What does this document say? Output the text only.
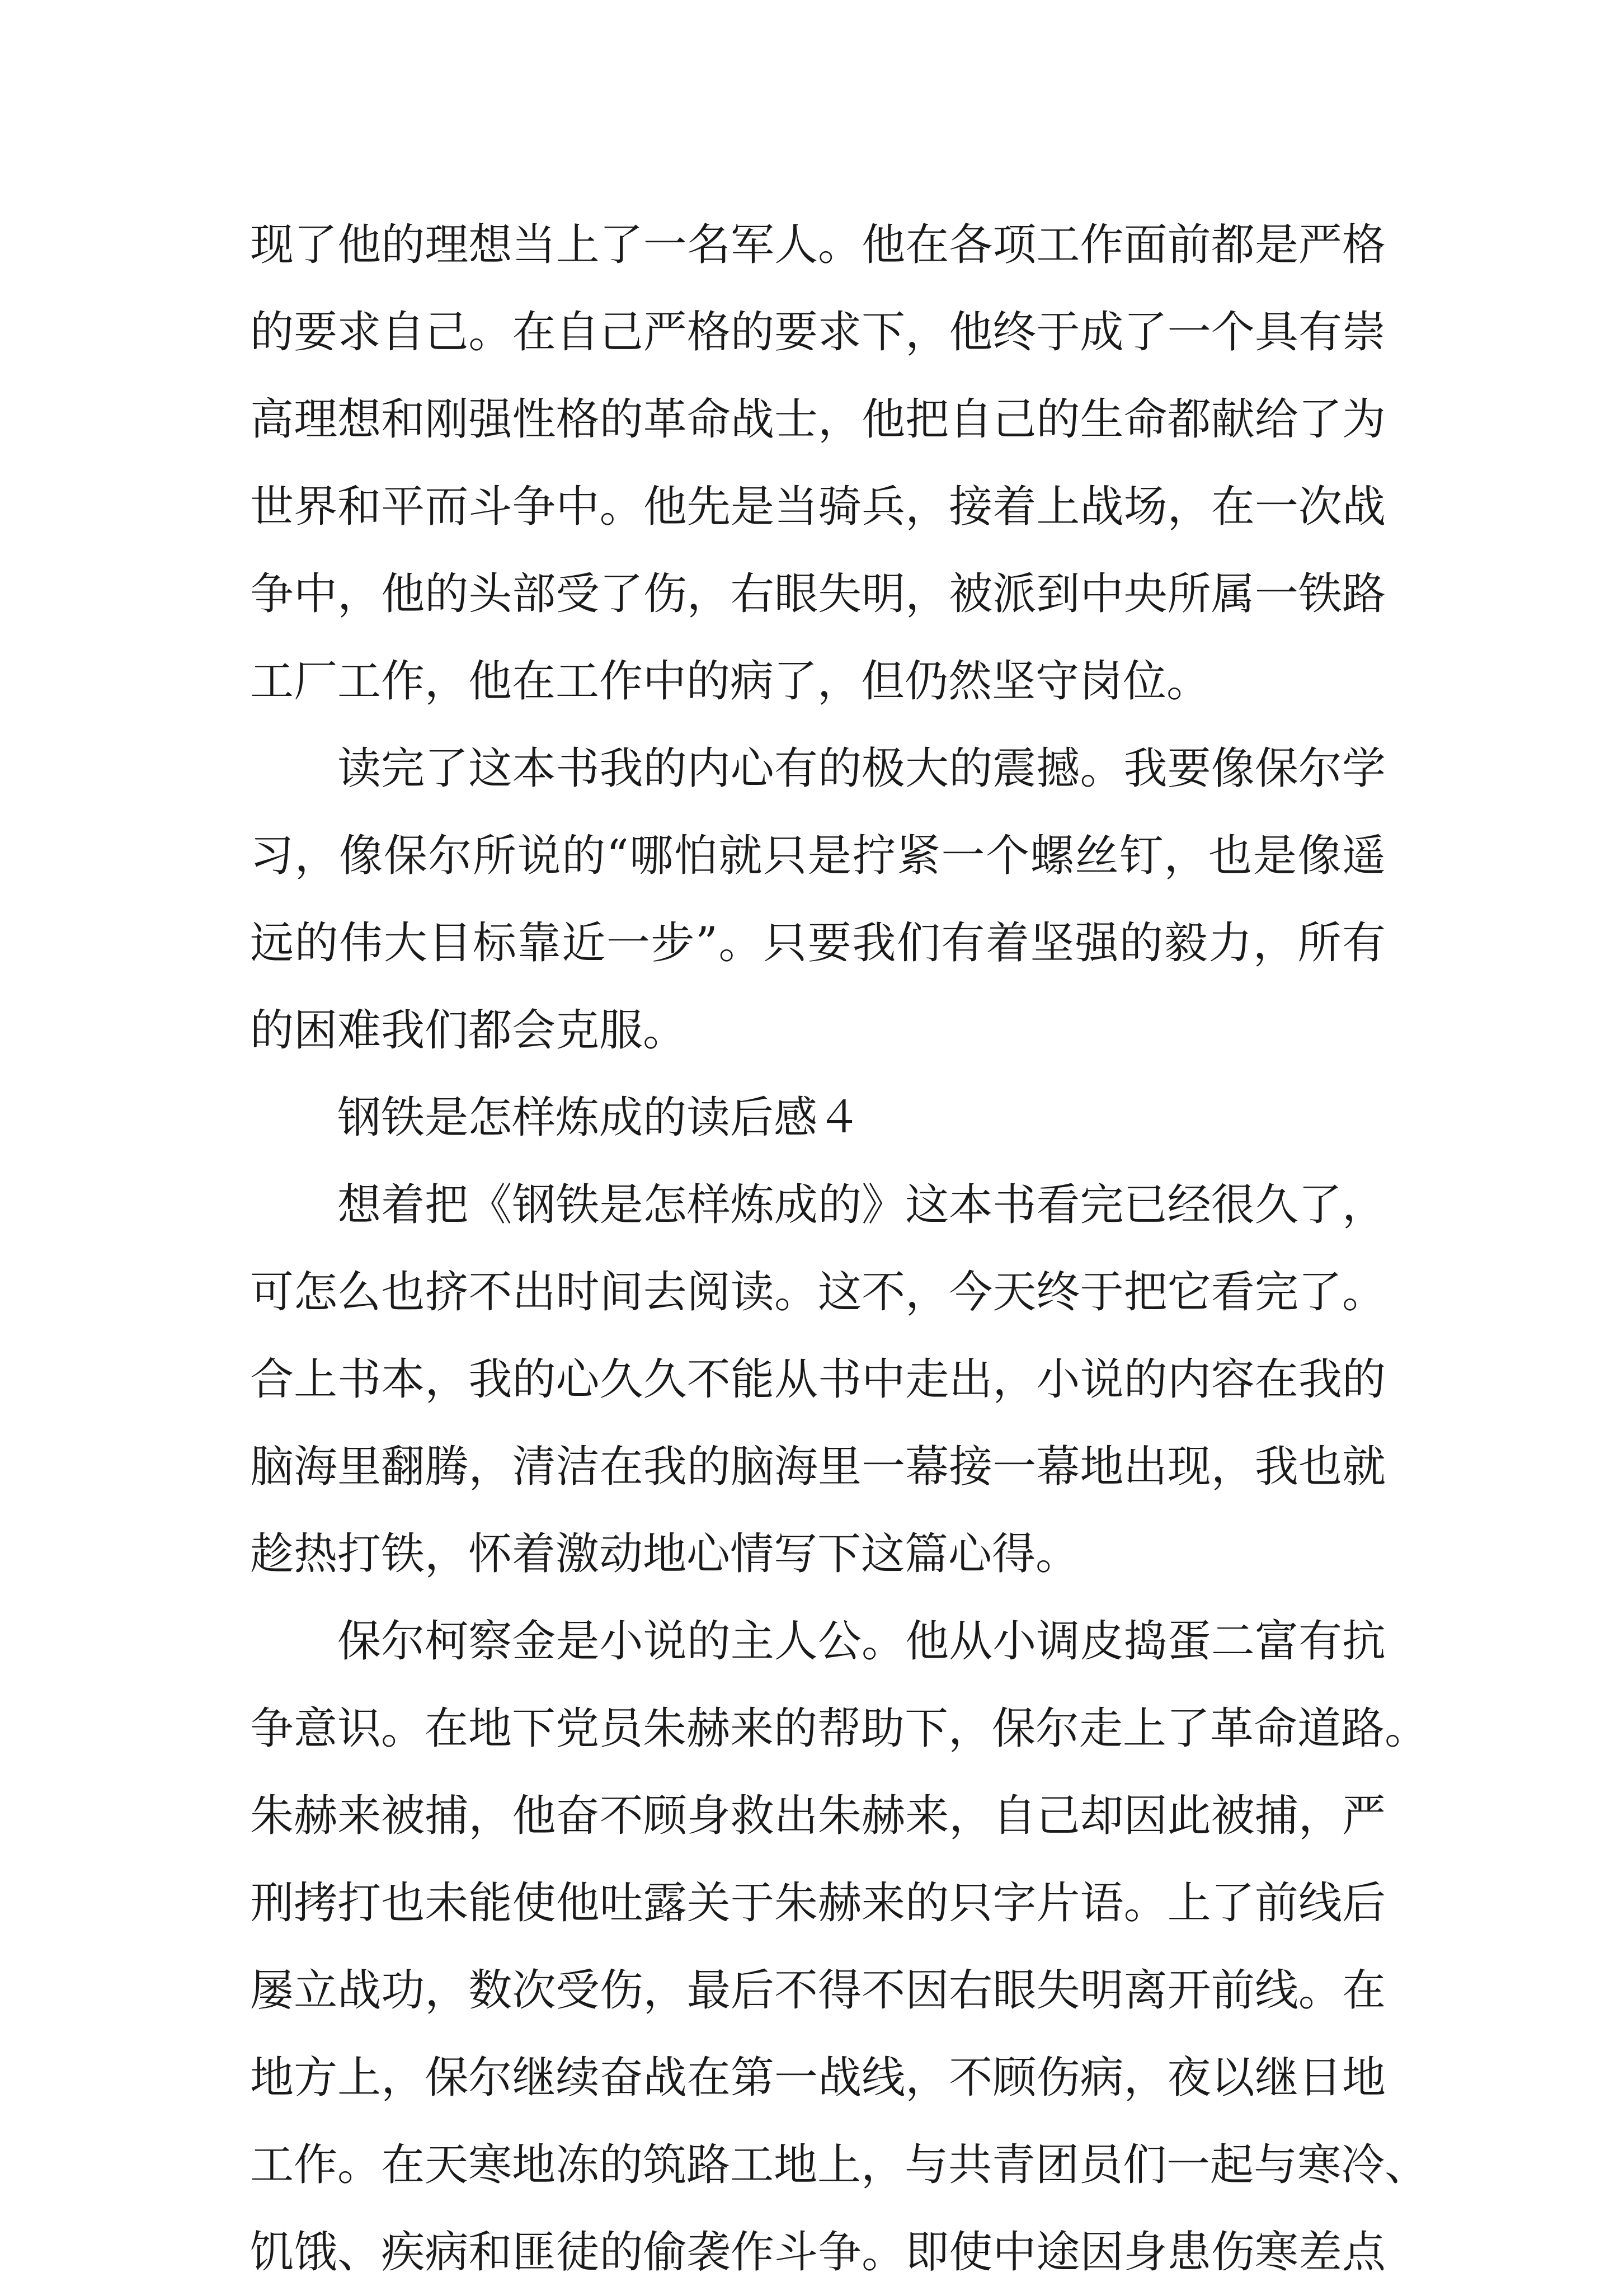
现了他的理想当上了一名军人。他在各项工作面前都是严格
的要求自己。在自己严格的要求下，他终于成了一个具有崇
高理想和刚强性格的革命战士，他把自己的生命都献给了为
世界和平而斗争中。他先是当骑兵，接着上战场，在一次战
争中，他的头部受了伤，右眼失明，被派到中央所属一铁路
工厂工作，他在工作中的病了，但仍然坚守岗位。
读完了这本书我的内心有的极大的震撼。我要像保尔学
习，像保尔所说的“哪怕就只是拧紧一个螺丝钉，也是像遥
远的伟大目标靠近一步”。只要我们有着坚强的毅力，所有
的困难我们都会克服。
钢铁是怎样炼成的读后感４
想着把《钢铁是怎样炼成的》这本书看完已经很久了，
可怎么也挤不出时间去阅读。这不，今天终于把它看完了。
合上书本，我的心久久不能从书中走出，小说的内容在我的
脑海里翻腾，清洁在我的脑海里一幕接一幕地出现，我也就
趁热打铁，怀着激动地心情写下这篇心得。
保尔柯察金是小说的主人公。他从小调皮捣蛋二富有抗
争意识。在地下党员朱赫来的帮助下，保尔走上了革命道路。
朱赫来被捕，他奋不顾身救出朱赫来，自己却因此被捕，严
刑拷打也未能使他吐露关于朱赫来的只字片语。上了前线后
屡立战功，数次受伤，最后不得不因右眼失明离开前线。在
地方上，保尔继续奋战在第一战线，不顾伤病，夜以继日地
工作。在天寒地冻的筑路工地上，与共青团员们一起与寒冷、
饥饿、疾病和匪徒的偷袭作斗争。即使中途因身患伤寒差点
